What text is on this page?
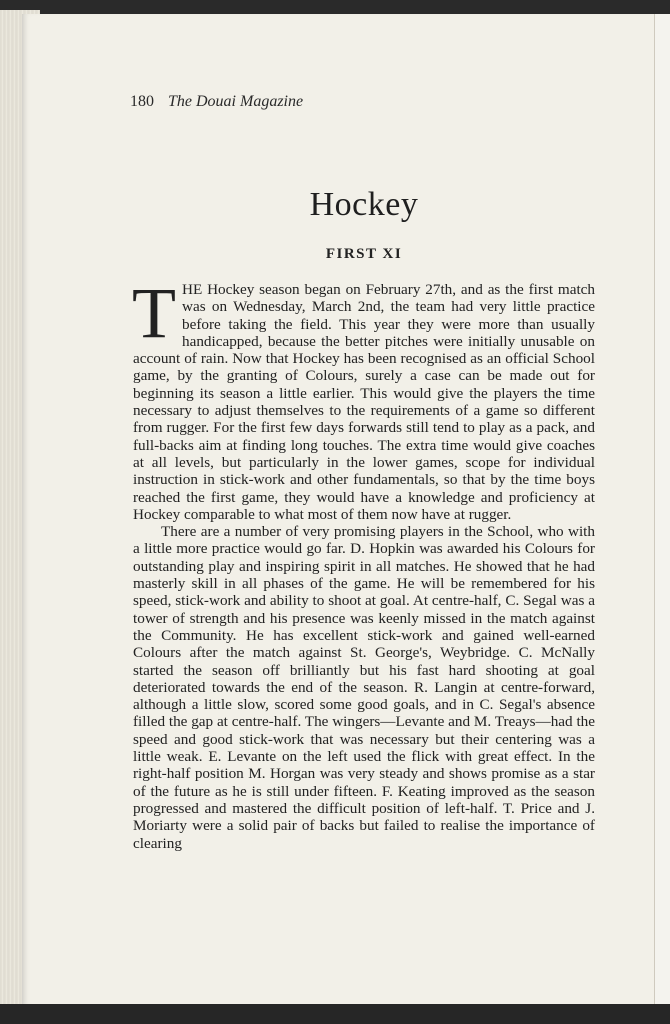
180 The Douai Magazine
Hockey
FIRST XI

THE Hockey season began on February 27th, and as the first match was on Wednesday, March 2nd, the team had very little practice before taking the field. This year they were more than usually handicapped, because the better pitches were initially unusable on account of rain. Now that Hockey has been recognised as an official School game, by the granting of Colours, surely a case can be made out for beginning its season a little earlier. This would give the players the time necessary to adjust themselves to the requirements of a game so different from rugger. For the first few days forwards still tend to play as a pack, and full-backs aim at finding long touches. The extra time would give coaches at all levels, but particularly in the lower games, scope for individual instruction in stick-work and other fundamentals, so that by the time boys reached the first game, they would have a knowledge and proficiency at Hockey comparable to what most of them now have at rugger.

There are a number of very promising players in the School, who with a little more practice would go far. D. Hopkin was awarded his Colours for outstanding play and inspiring spirit in all matches. He showed that he had masterly skill in all phases of the game. He will be remembered for his speed, stick-work and ability to shoot at goal. At centre-half, C. Segal was a tower of strength and his presence was keenly missed in the match against the Community. He has excellent stick-work and gained well-earned Colours after the match against St. George's, Weybridge. C. McNally started the season off brilliantly but his fast hard shooting at goal deteriorated towards the end of the season. R. Langin at centre-forward, although a little slow, scored some good goals, and in C. Segal's absence filled the gap at centre-half. The wingers—Levante and M. Treays—had the speed and good stick-work that was necessary but their centering was a little weak. E. Levante on the left used the flick with great effect. In the right-half position M. Horgan was very steady and shows promise as a star of the future as he is still under fifteen. F. Keating improved as the season progressed and mastered the difficult position of left-half. T. Price and J. Moriarty were a solid pair of backs but failed to realise the importance of clearing
